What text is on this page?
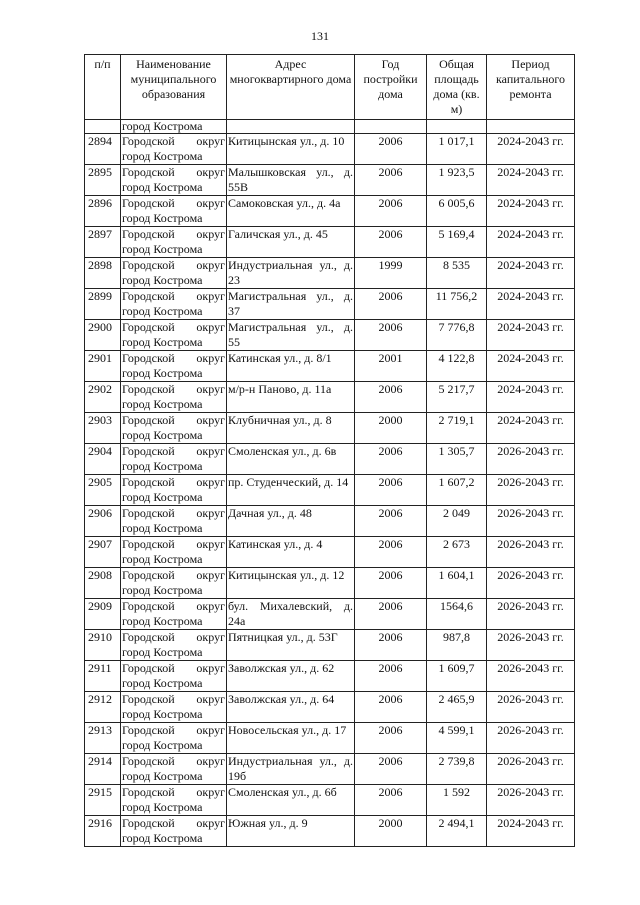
131
п/п	Наименование муниципального образования	Адрес многоквартирного дома	Год постройки дома	Общая площадь дома (кв. м)	Период капитального ремонта
	город Кострома				
2894	Городской округ город Кострома	Китицынская ул., д. 10	2006	1 017,1	2024-2043 гг.
2895	Городской округ город Кострома	Малышковская ул., д. 55В	2006	1 923,5	2024-2043 гг.
2896	Городской округ город Кострома	Самоковская ул., д. 4а	2006	6 005,6	2024-2043 гг.
2897	Городской округ город Кострома	Галичская ул., д. 45	2006	5 169,4	2024-2043 гг.
2898	Городской округ город Кострома	Индустриальная ул., д. 23	1999	8 535	2024-2043 гг.
2899	Городской округ город Кострома	Магистральная ул., д. 37	2006	11 756,2	2024-2043 гг.
2900	Городской округ город Кострома	Магистральная ул., д. 55	2006	7 776,8	2024-2043 гг.
2901	Городской округ город Кострома	Катинская ул., д. 8/1	2001	4 122,8	2024-2043 гг.
2902	Городской округ город Кострома	м/р-н Паново, д. 11а	2006	5 217,7	2024-2043 гг.
2903	Городской округ город Кострома	Клубничная ул., д. 8	2000	2 719,1	2024-2043 гг.
2904	Городской округ город Кострома	Смоленская ул., д. 6в	2006	1 305,7	2026-2043 гг.
2905	Городской округ город Кострома	пр. Студенческий, д. 14	2006	1 607,2	2026-2043 гг.
2906	Городской округ город Кострома	Дачная ул., д. 48	2006	2 049	2026-2043 гг.
2907	Городской округ город Кострома	Катинская ул., д. 4	2006	2 673	2026-2043 гг.
2908	Городской округ город Кострома	Китицынская ул., д. 12	2006	1 604,1	2026-2043 гг.
2909	Городской округ город Кострома	бул. Михалевский, д. 24а	2006	1564,6	2026-2043 гг.
2910	Городской округ город Кострома	Пятницкая ул., д. 53Г	2006	987,8	2026-2043 гг.
2911	Городской округ город Кострома	Заволжская ул., д. 62	2006	1 609,7	2026-2043 гг.
2912	Городской округ город Кострома	Заволжская ул., д. 64	2006	2 465,9	2026-2043 гг.
2913	Городской округ город Кострома	Новосельская ул., д. 17	2006	4 599,1	2026-2043 гг.
2914	Городской округ город Кострома	Индустриальная ул., д. 19б	2006	2 739,8	2026-2043 гг.
2915	Городской округ город Кострома	Смоленская ул., д. 6б	2006	1 592	2026-2043 гг.
2916	Городской округ город Кострома	Южная ул., д. 9	2000	2 494,1	2024-2043 гг.
